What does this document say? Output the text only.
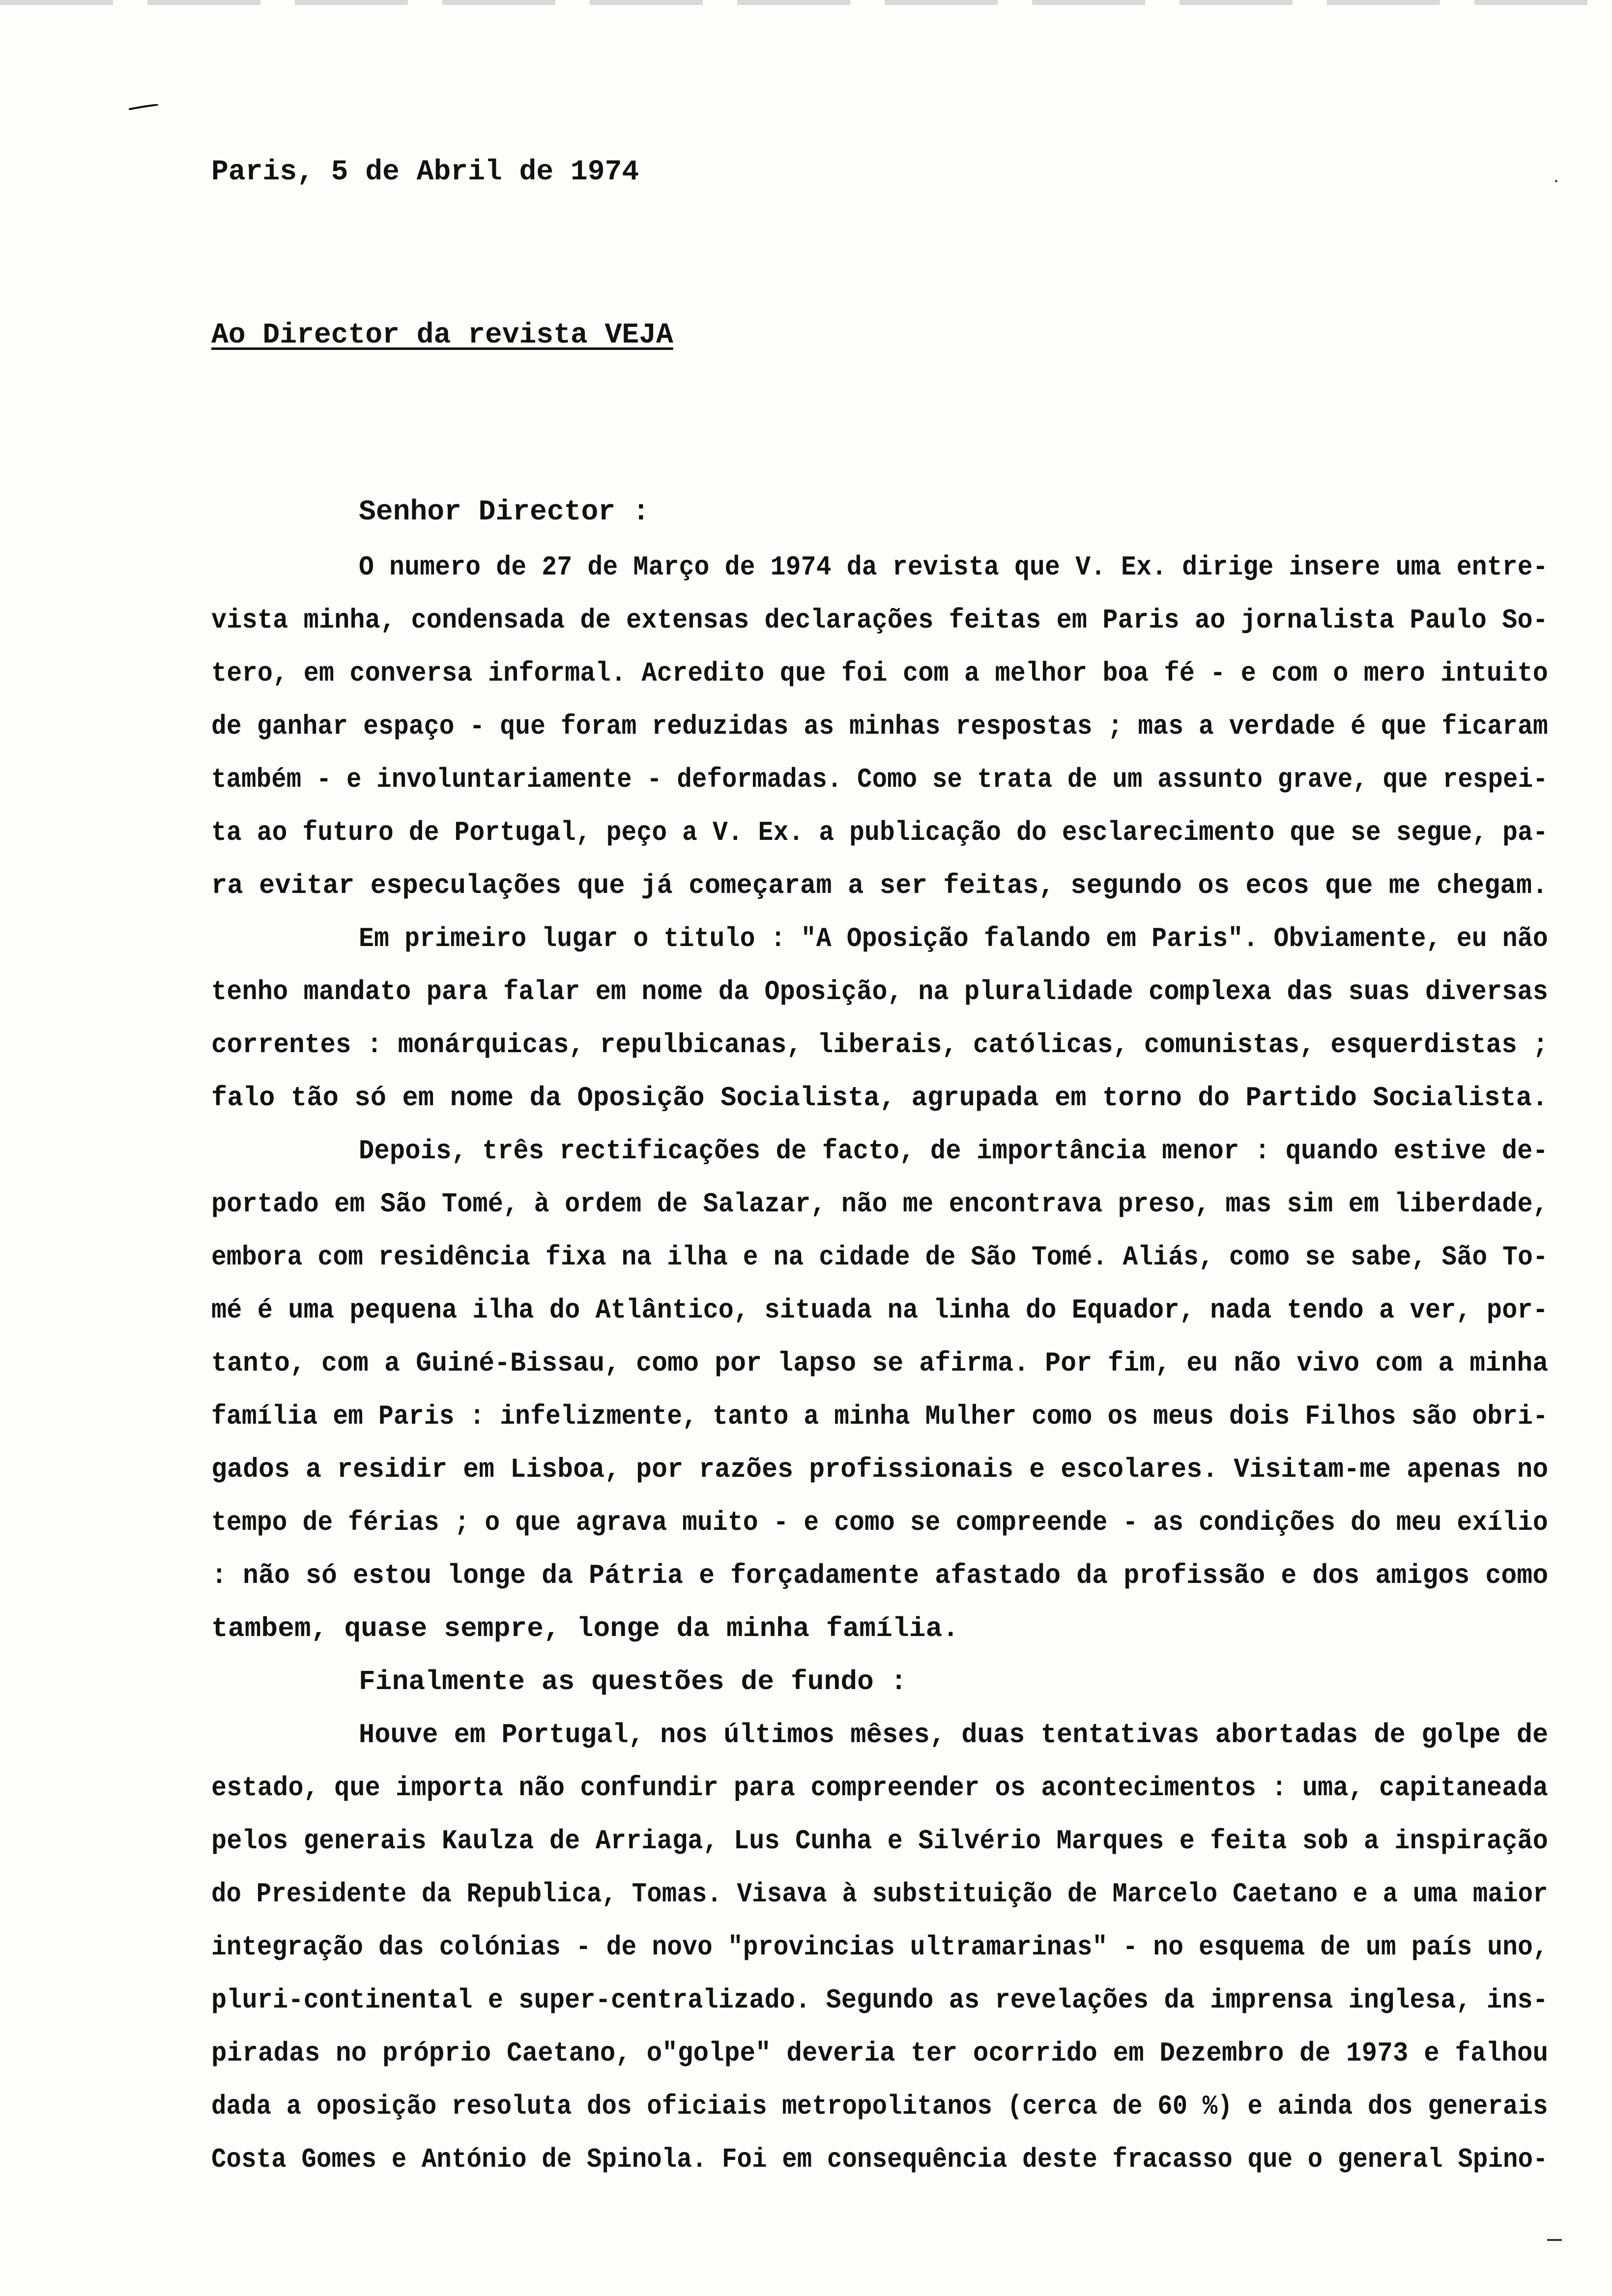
Paris, 5 de Abril de 1974
Ao Director da revista VEJA
Senhor Director :
O numero de 27 de Março de 1974 da revista que V. Ex. dirige insere uma entre-
vista minha, condensada de extensas declarações feitas em Paris ao jornalista Paulo So-
tero, em conversa informal. Acredito que foi com a melhor boa fé - e com o mero intuito
de ganhar espaço - que foram reduzidas as minhas respostas ; mas a verdade é que ficaram
também - e involuntariamente - deformadas. Como se trata de um assunto grave, que respei-
ta ao futuro de Portugal, peço a V. Ex. a publicação do esclarecimento que se segue, pa-
ra evitar especulações que já começaram a ser feitas, segundo os ecos que me chegam.
Em primeiro lugar o titulo : "A Oposição falando em Paris". Obviamente, eu não
tenho mandato para falar em nome da Oposição, na pluralidade complexa das suas diversas
correntes : monárquicas, repulbicanas, liberais, católicas, comunistas, esquerdistas ;
falo tão só em nome da Oposição Socialista, agrupada em torno do Partido Socialista.
Depois, três rectificações de facto, de importância menor : quando estive de-
portado em São Tomé, à ordem de Salazar, não me encontrava preso, mas sim em liberdade,
embora com residência fixa na ilha e na cidade de São Tomé. Aliás, como se sabe, São To-
mé é uma pequena ilha do Atlântico, situada na linha do Equador, nada tendo a ver, por-
tanto, com a Guiné-Bissau, como por lapso se afirma. Por fim, eu não vivo com a minha
família em Paris : infelizmente, tanto a minha Mulher como os meus dois Filhos são obri-
gados a residir em Lisboa, por razões profissionais e escolares. Visitam-me apenas no
tempo de férias ; o que agrava muito - e como se compreende - as condições do meu exílio
: não só estou longe da Pátria e forçadamente afastado da profissão e dos amigos como
tambem, quase sempre, longe da minha família.
Finalmente as questões de fundo :
Houve em Portugal, nos últimos mêses, duas tentativas abortadas de golpe de
estado, que importa não confundir para compreender os acontecimentos : uma, capitaneada
pelos generais Kaulza de Arriaga, Lus Cunha e Silvério Marques e feita sob a inspiração
do Presidente da Republica, Tomas. Visava à substituição de Marcelo Caetano e a uma maior
integração das colónias - de novo "provincias ultramarinas" - no esquema de um país uno,
pluri-continental e super-centralizado. Segundo as revelações da imprensa inglesa, ins-
piradas no próprio Caetano, o"golpe" deveria ter ocorrido em Dezembro de 1973 e falhou
dada a oposição resoluta dos oficiais metropolitanos (cerca de 60 %) e ainda dos generais
Costa Gomes e António de Spinola. Foi em consequência deste fracasso que o general Spino-
